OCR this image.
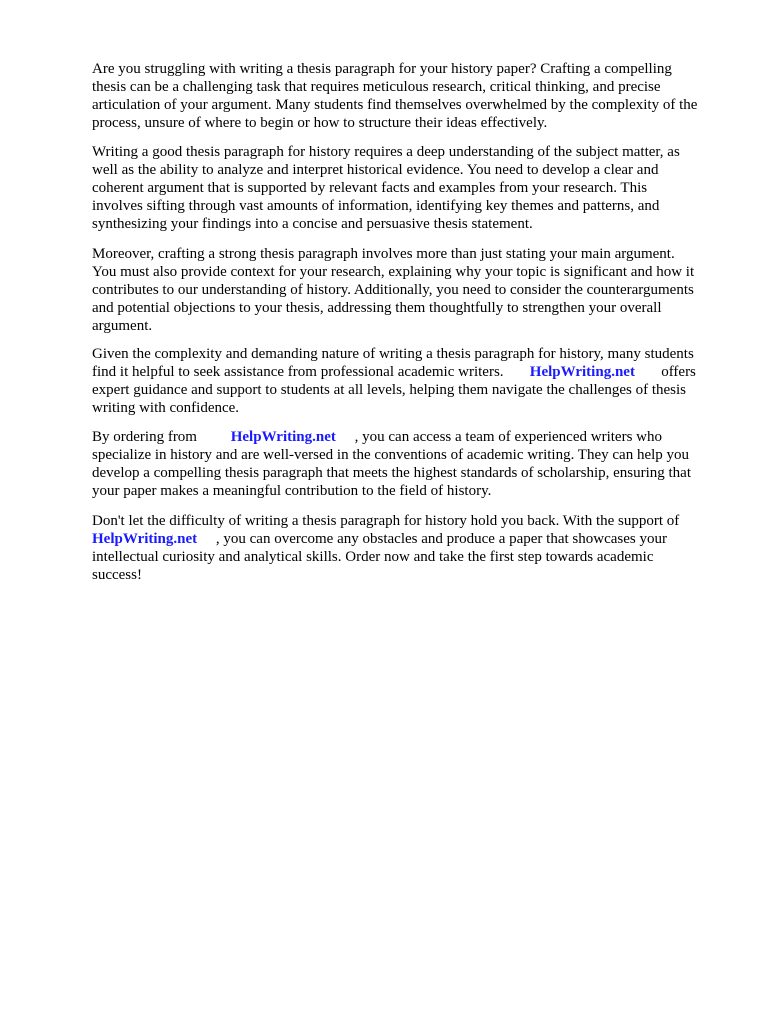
Are you struggling with writing a thesis paragraph for your history paper? Crafting a compelling
thesis can be a challenging task that requires meticulous research, critical thinking, and precise
articulation of your argument. Many students find themselves overwhelmed by the complexity of the
process, unsure of where to begin or how to structure their ideas effectively.

Writing a good thesis paragraph for history requires a deep understanding of the subject matter, as
well as the ability to analyze and interpret historical evidence. You need to develop a clear and
coherent argument that is supported by relevant facts and examples from your research. This
involves sifting through vast amounts of information, identifying key themes and patterns, and
synthesizing your findings into a concise and persuasive thesis statement.

Moreover, crafting a strong thesis paragraph involves more than just stating your main argument.
You must also provide context for your research, explaining why your topic is significant and how it
contributes to our understanding of history. Additionally, you need to consider the counterarguments
and potential objections to your thesis, addressing them thoughtfully to strengthen your overall
argument.

Given the complexity and demanding nature of writing a thesis paragraph for history, many students
find it helpful to seek assistance from professional academic writers. HelpWriting.net offers
expert guidance and support to students at all levels, helping them navigate the challenges of thesis
writing with confidence.

By ordering from HelpWriting.net , you can access a team of experienced writers who
specialize in history and are well-versed in the conventions of academic writing. They can help you
develop a compelling thesis paragraph that meets the highest standards of scholarship, ensuring that
your paper makes a meaningful contribution to the field of history.

Don't let the difficulty of writing a thesis paragraph for history hold you back. With the support of
HelpWriting.net , you can overcome any obstacles and produce a paper that showcases your
intellectual curiosity and analytical skills. Order now and take the first step towards academic
success!
